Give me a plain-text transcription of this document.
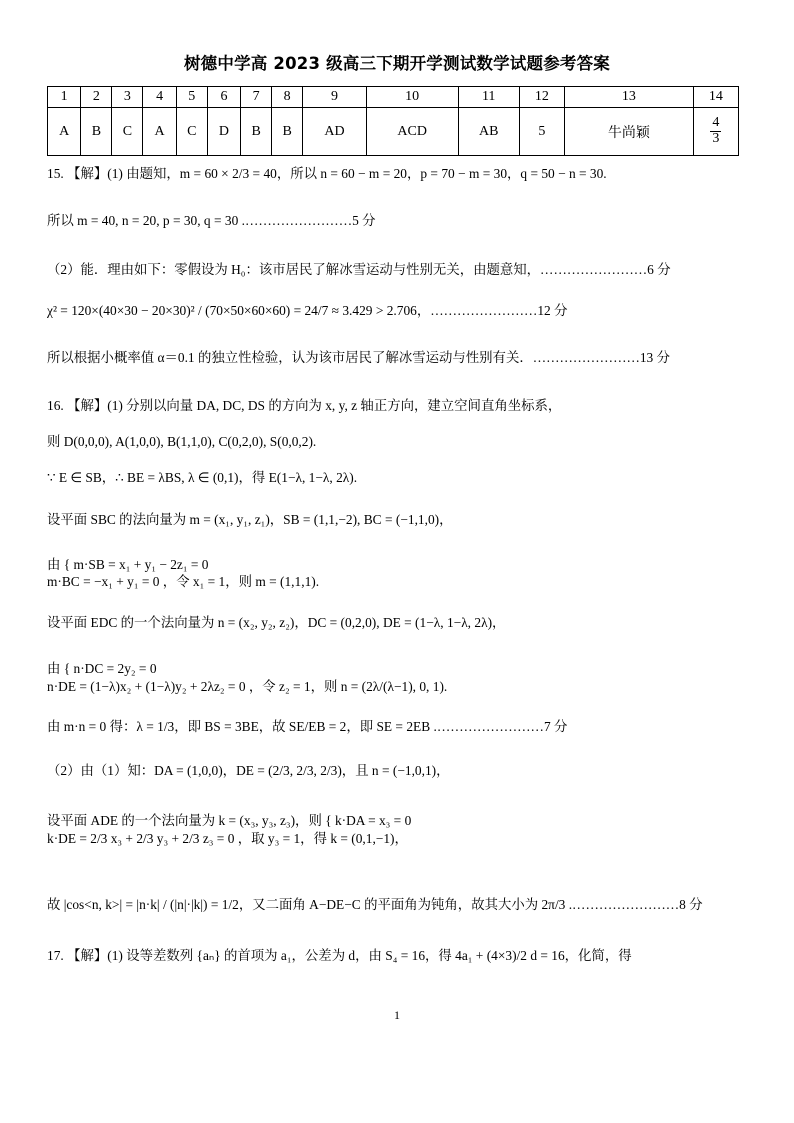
树德中学高 2023 级高三下期开学测试数学试题参考答案
1	2	3	4	5	6	7	8	9	10	11	12	13	14
A	B	C	A	C	D	B	B	AD	ACD	AB	5	牛尚颖	$\frac{4}{3}$
15. 【解】(1) 由题知，m = 60 × 2/3 = 40，所以 n = 60 − m = 20，p = 70 − m = 30，q = 50 − n = 30.
所以 m = 40, n = 20, p = 30, q = 30 .……………………5 分
（2）能．理由如下：零假设为 H₀：该市居民了解冰雪运动与性别无关，由题意知，……………………6 分
χ² = 120×(40×30 − 20×30)² / (70×50×60×60) = 24/7 ≈ 3.429 > 2.706，……………………12 分
所以根据小概率值 α＝0.1 的独立性检验，认为该市居民了解冰雪运动与性别有关．……………………13 分
16. 【解】(1) 分别以向量 DA, DC, DS 的方向为 x, y, z 轴正方向，建立空间直角坐标系，
则 D(0,0,0), A(1,0,0), B(1,1,0), C(0,2,0), S(0,0,2).
∵ E ∈ SB，∴ BE = λBS, λ ∈ (0,1)，得 E(1−λ, 1−λ, 2λ).
设平面 SBC 的法向量为 m = (x₁, y₁, z₁)，SB = (1,1,−2), BC = (−1,1,0)，
由 { m·SB = x₁ + y₁ − 2z₁ = 0
m·BC = −x₁ + y₁ = 0 ，令 x₁ = 1，则 m = (1,1,1).
设平面 EDC 的一个法向量为 n = (x₂, y₂, z₂)，DC = (0,2,0), DE = (1−λ, 1−λ, 2λ)，
由 { n·DC = 2y₂ = 0
n·DE = (1−λ)x₂ + (1−λ)y₂ + 2λz₂ = 0 ，令 z₂ = 1，则 n = (2λ/(λ−1), 0, 1).
由 m·n = 0 得：λ = 1/3，即 BS = 3BE，故 SE/EB = 2，即 SE = 2EB .……………………7 分
（2）由（1）知：DA = (1,0,0)，DE = (2/3, 2/3, 2/3)，且 n = (−1,0,1)，
设平面 ADE 的一个法向量为 k = (x₃, y₃, z₃)，则 { k·DA = x₃ = 0
k·DE = 2/3 x₃ + 2/3 y₃ + 2/3 z₃ = 0 ，取 y₃ = 1，得 k = (0,1,−1)，
故 |cos<n, k>| = |n·k| / (|n|·|k|) = 1/2，又二面角 A−DE−C 的平面角为钝角，故其大小为 2π/3 .……………………8 分
17. 【解】(1) 设等差数列 {aₙ} 的首项为 a₁，公差为 d，由 S₄ = 16，得 4a₁ + (4×3)/2 d = 16，化简，得
1
